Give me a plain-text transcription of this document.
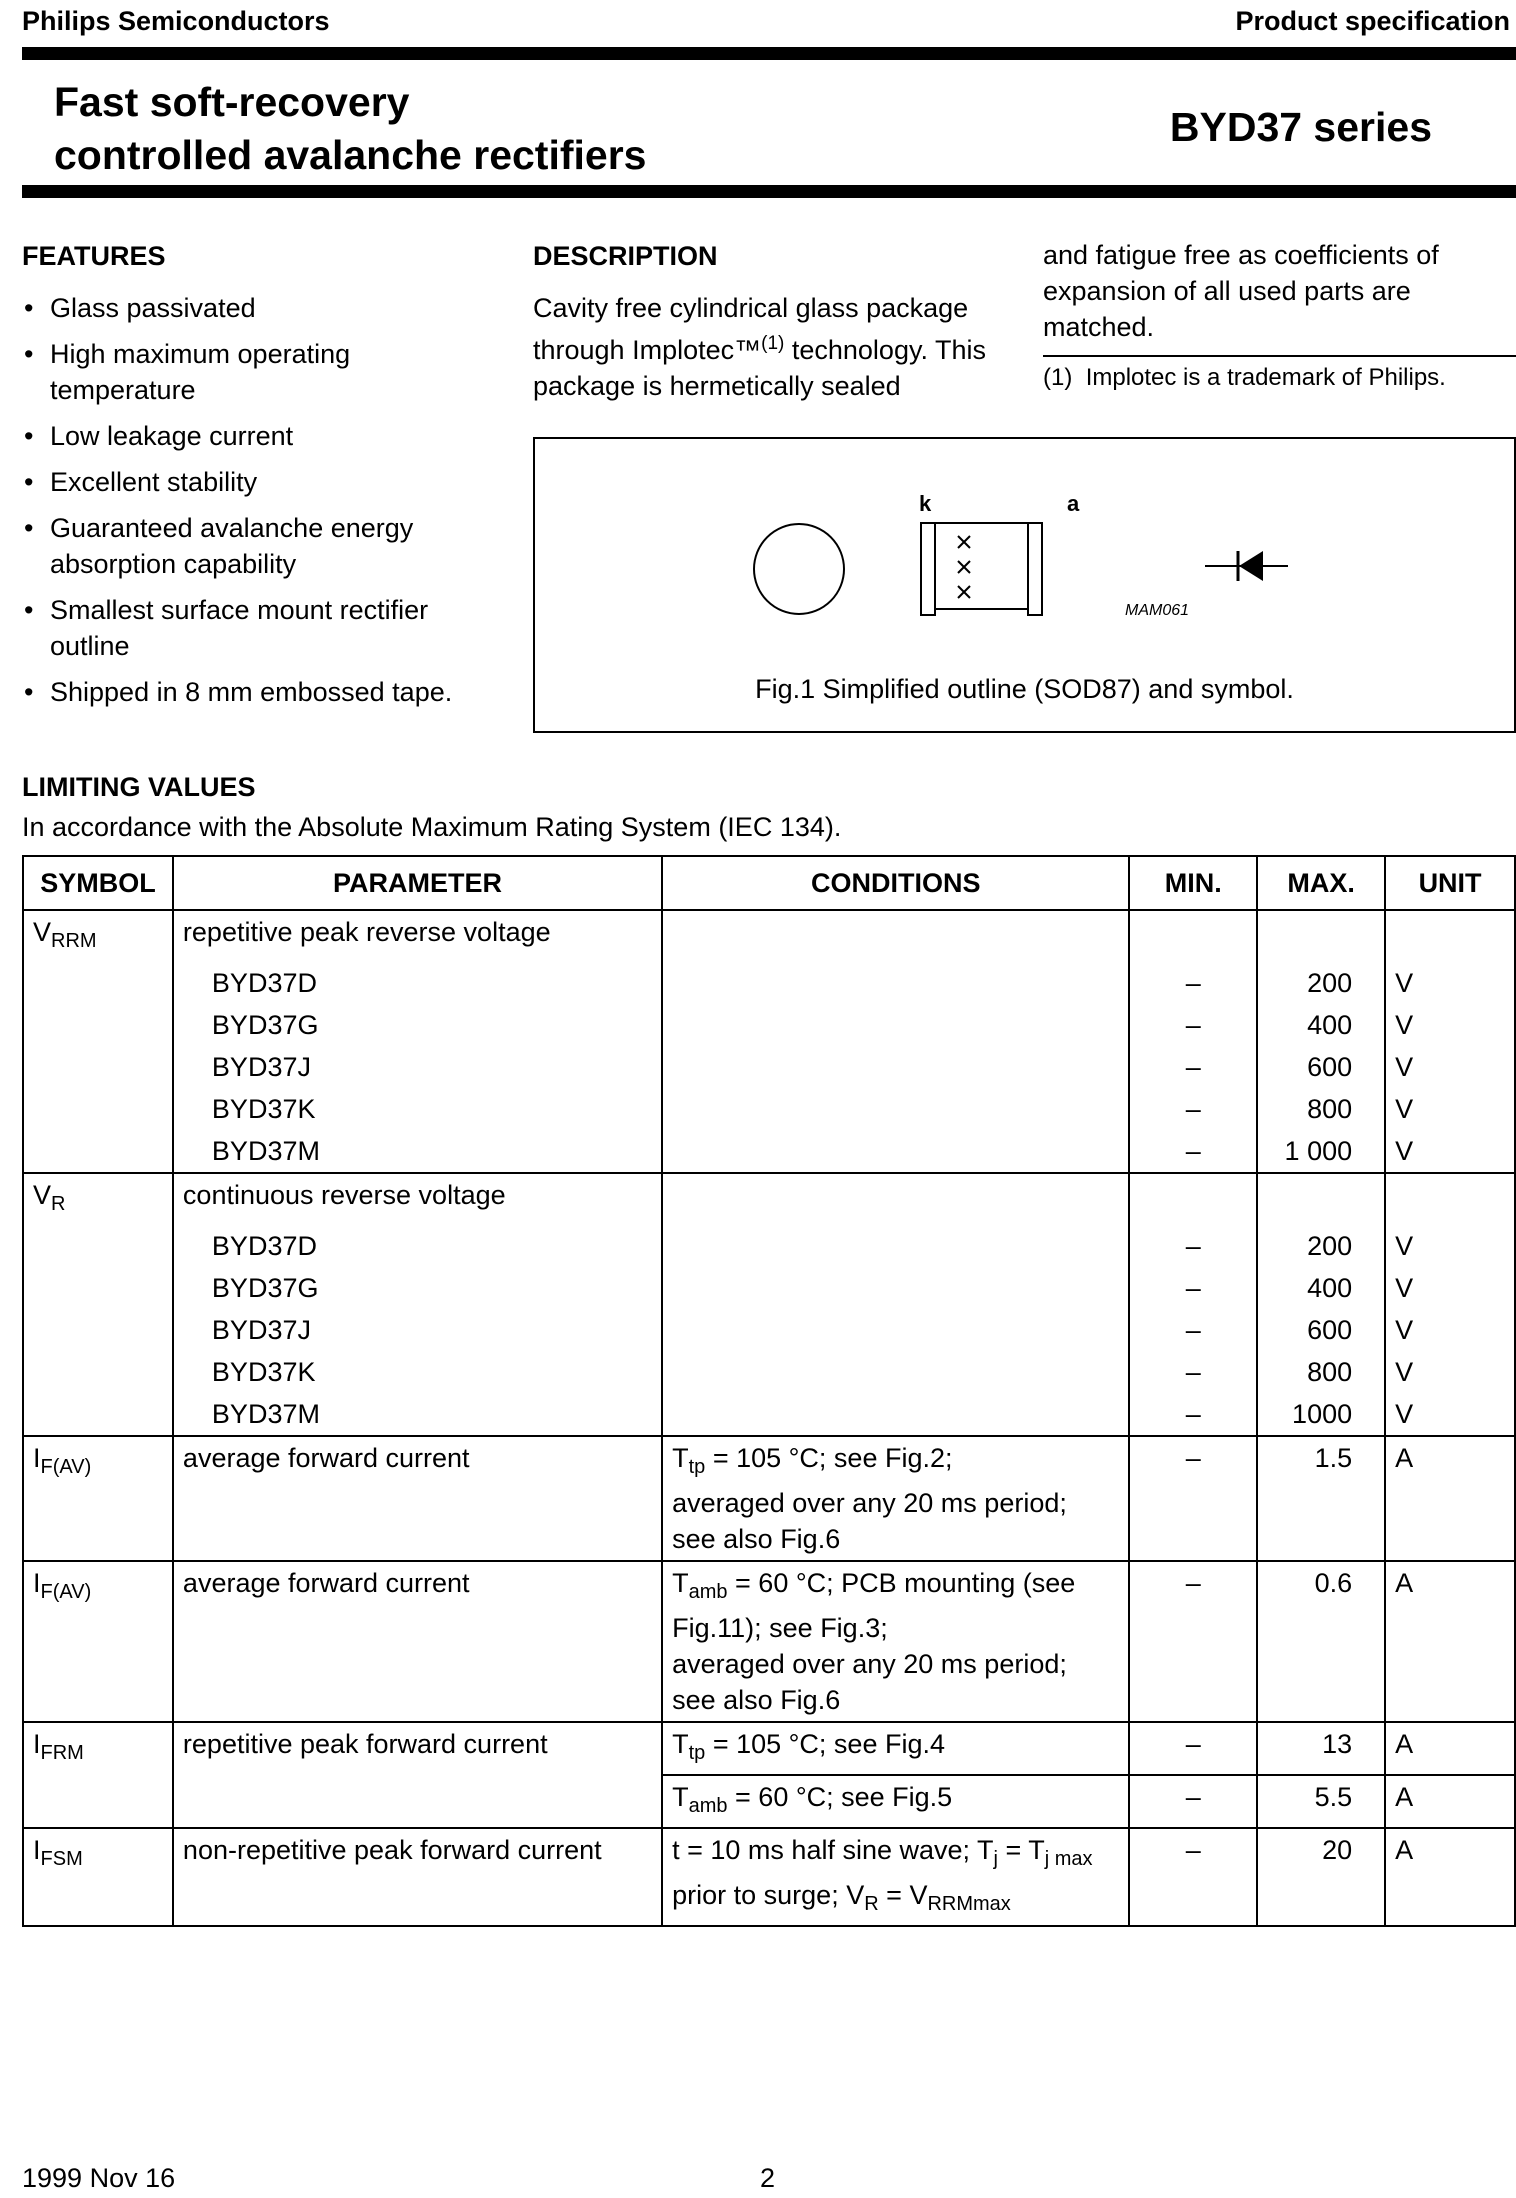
Philips Semiconductors	Product specification
Fast soft-recovery
controlled avalanche rectifiers
BYD37 series
FEATURES
• Glass passivated
• High maximum operating temperature
• Low leakage current
• Excellent stability
• Guaranteed avalanche energy absorption capability
• Smallest surface mount rectifier outline
• Shipped in 8 mm embossed tape.
DESCRIPTION
Cavity free cylindrical glass package through Implotec™$^{(1)}$ technology. This package is hermetically sealed
and fatigue free as coefficients of expansion of all used parts are matched.
(1) Implotec is a trademark of Philips.
k	a
MAM061
Fig.1 Simplified outline (SOD87) and symbol.
LIMITING VALUES
In accordance with the Absolute Maximum Rating System (IEC 134).
SYMBOL	PARAMETER	CONDITIONS	MIN.	MAX.	UNIT
$V_{RRM}$	repetitive peak reverse voltage				
	BYD37D		–	200	V
	BYD37G		–	400	V
	BYD37J		–	600	V
	BYD37K		–	800	V
	BYD37M		–	1 000	V
$V_R$	continuous reverse voltage				
	BYD37D		–	200	V
	BYD37G		–	400	V
	BYD37J		–	600	V
	BYD37K		–	800	V
	BYD37M		–	1000	V
$I_{F(AV)}$	average forward current	$T_{tp} = 105$ °C; see Fig.2;
averaged over any 20 ms period;
see also Fig.6	–	1.5	A
$I_{F(AV)}$	average forward current	$T_{amb} = 60$ °C; PCB mounting (see
Fig.11); see Fig.3;
averaged over any 20 ms period;
see also Fig.6	–	0.6	A
$I_{FRM}$	repetitive peak forward current	$T_{tp} = 105$ °C; see Fig.4	–	13	A
		$T_{amb} = 60$ °C; see Fig.5	–	5.5	A
$I_{FSM}$	non-repetitive peak forward current	t = 10 ms half sine wave; $T_j = T_{j max}$
prior to surge; $V_R = V_{RRMmax}$	–	20	A
1999 Nov 16	2
